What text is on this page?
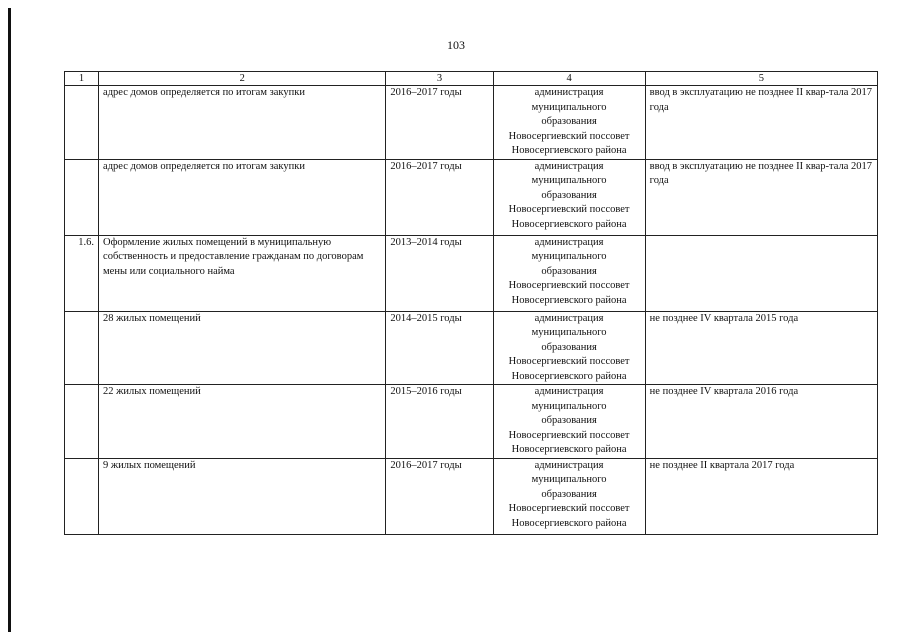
103
1	2	3	4	5
	адрес домов определяется по итогам закупки	2016–2017 годы	администрация
муниципального
образования
Новосергиевский поссовет
Новосергиевского района	ввод в эксплуатацию не позднее II квар-тала 2017 года
	адрес домов определяется по итогам закупки	2016–2017 годы	администрация
муниципального
образования
Новосергиевский поссовет
Новосергиевского района	ввод в эксплуатацию не позднее II квар-тала 2017 года
1.6.	Оформление жилых помещений в муниципальную собственность и предоставление гражданам по договорам мены или социального найма	2013–2014 годы	администрация
муниципального
образования
Новосергиевский поссовет
Новосергиевского района	

	28 жилых помещений	2014–2015 годы	администрация
муниципального
образования
Новосергиевский поссовет
Новосергиевского района	не позднее IV квартала 2015 года
	22 жилых помещений	2015–2016 годы	администрация
муниципального
образования
Новосергиевский поссовет
Новосергиевского района	не позднее IV квартала 2016 года
	9 жилых помещений	2016–2017 годы	администрация
муниципального
образования
Новосергиевский поссовет
Новосергиевского района	не позднее II квартала 2017 года
